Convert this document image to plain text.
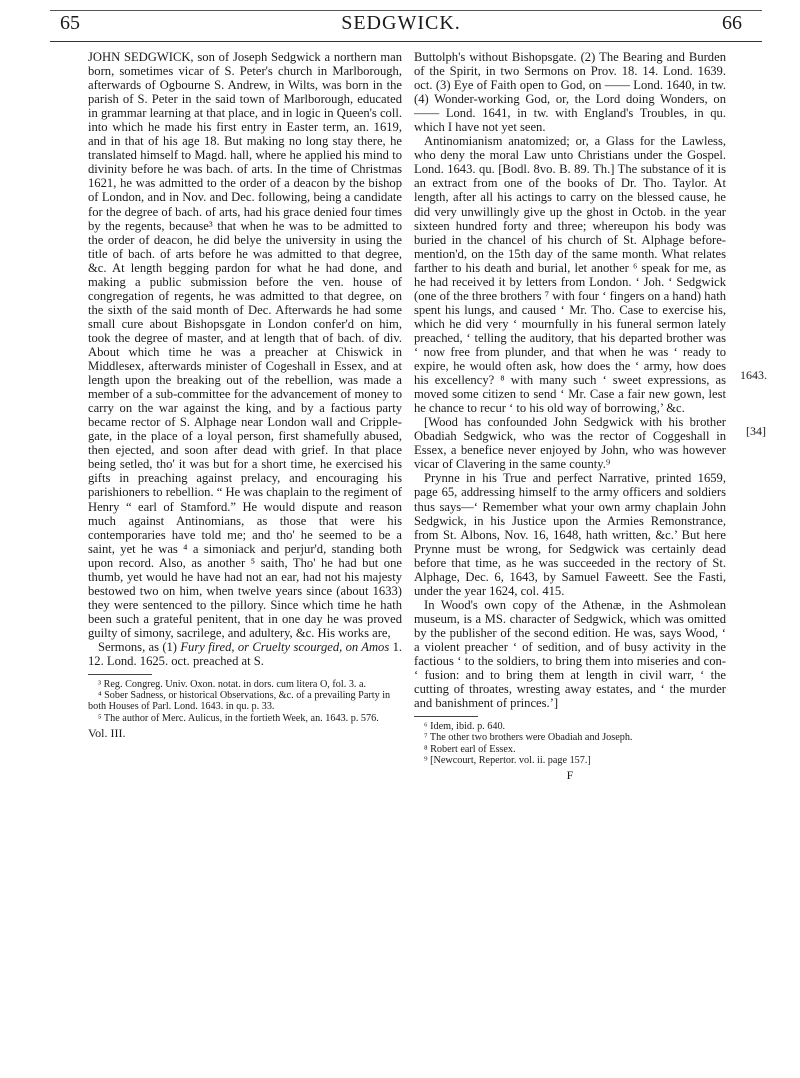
65	SEDGWICK.	66

JOHN SEDGWICK, son of Joseph Sedgwick a northern man born, sometimes vicar of S. Peter's church in Marlborough, afterwards of Ogbourne S. Andrew, in Wilts, was born in the parish of S. Peter in the said town of Marlborough, educated in grammar learning at that place, and in logic in Queen's coll. into which he made his first entry in Easter term, an. 1619, and in that of his age 18. But making no long stay there, he translated himself to Magd. hall, where he applied his mind to divinity before he was bach. of arts. In the time of Christmas 1621, he was admitted to the order of a deacon by the bishop of London, and in Nov. and Dec. following, being a candidate for the degree of bach. of arts, had his grace denied four times by the regents, because³ that when he was to be admitted to the order of deacon, he did belye the university in using the title of bach. of arts before he was admitted to that degree, &c. At length begging pardon for what he had done, and making a public submission before the ven. house of congregation of regents, he was admitted to that degree, on the sixth of the said month of Dec. Afterwards he had some small cure about Bishopsgate in London confer'd on him, took the degree of master, and at length that of bach. of div. About which time he was a preacher at Chiswick in Middlesex, afterwards minister of Cogeshall in Essex, and at length upon the breaking out of the rebellion, was made a member of a sub-committee for the advancement of money to carry on the war against the king, and by a factious party became rector of S. Alphage near London wall and Cripple-gate, in the place of a loyal person, first shamefully abused, then ejected, and soon after dead with grief. In that place being setled, tho' it was but for a short time, he exercised his gifts in preaching against prelacy, and encouraging his parishioners to rebellion. “ He was chaplain to the regiment of Henry “ earl of Stamford.” He would dispute and reason much against Antinomians, as those that were his contemporaries have told me; and tho' he seemed to be a saint, yet he was ⁴ a simoniack and perjur'd, standing both upon record. Also, as another ⁵ saith, Tho' he had but one thumb, yet would he have had not an ear, had not his majesty bestowed two on him, when twelve years since (about 1633) they were sentenced to the pillory. Since which time he hath been such a grateful penitent, that in one day he was proved guilty of simony, sacrilege, and adultery, &c. His works are,

Sermons, as (1) Fury fired, or Cruelty scourged, on Amos 1. 12. Lond. 1625. oct. preached at S.

³ Reg. Congreg. Univ. Oxon. notat. in dors. cum litera O, fol. 3. a.

⁴ Sober Sadness, or historical Observations, &c. of a prevailing Party in both Houses of Parl. Lond. 1643. in qu. p. 33.

⁵ The author of Merc. Aulicus, in the fortieth Week, an. 1643. p. 576.

Vol. III.

Buttolph's without Bishopsgate. (2) The Bearing and Burden of the Spirit, in two Sermons on Prov. 18. 14. Lond. 1639. oct. (3) Eye of Faith open to God, on —— Lond. 1640, in tw. (4) Wonder-working God, or, the Lord doing Wonders, on —— Lond. 1641, in tw. with England's Troubles, in qu. which I have not yet seen.

Antinomianism anatomized; or, a Glass for the Lawless, who deny the moral Law unto Christians under the Gospel. Lond. 1643. qu. [Bodl. 8vo. B. 89. Th.] The substance of it is an extract from one of the books of Dr. Tho. Taylor. At length, after all his actings to carry on the blessed cause, he did very unwillingly give up the ghost in Octob. in the year sixteen hundred forty and three; whereupon his body was buried in the chancel of his church of St. Alphage before-mention'd, on the 15th day of the same month. What relates farther to his death and burial, let another ⁶ speak for me, as he had received it by letters from London. ‘ Joh. ‘ Sedgwick (one of the three brothers ⁷ with four ‘ fingers on a hand) hath spent his lungs, and caused ‘ Mr. Tho. Case to exercise his, which he did very ‘ mournfully in his funeral sermon lately preached, ‘ telling the auditory, that his departed brother was ‘ now free from plunder, and that when he was ‘ ready to expire, he would often ask, how does the ‘ army, how does his excellency? ⁸ with many such ‘ sweet expressions, as moved some citizen to send ‘ Mr. Case a fair new gown, lest he chance to recur ‘ to his old way of borrowing,’ &c.

[Wood has confounded John Sedgwick with his brother Obadiah Sedgwick, who was the rector of Coggeshall in Essex, a benefice never enjoyed by John, who was however vicar of Clavering in the same county.⁹

Prynne in his True and perfect Narrative, printed 1659, page 65, addressing himself to the army officers and soldiers thus says—‘ Remember what your own army chaplain John Sedgwick, in his Justice upon the Armies Remonstrance, from St. Albons, Nov. 16, 1648, hath written, &c.’ But here Prynne must be wrong, for Sedgwick was certainly dead before that time, as he was succeeded in the rectory of St. Alphage, Dec. 6, 1643, by Samuel Faweett. See the Fasti, under the year 1624, col. 415.

In Wood's own copy of the Athenæ, in the Ashmolean museum, is a MS. character of Sedgwick, which was omitted by the publisher of the second edition. He was, says Wood, ‘ a violent preacher ‘ of sedition, and of busy activity in the factious ‘ to the soldiers, to bring them into miseries and con- ‘ fusion: and to bring them at length in civil warr, ‘ the cutting of throates, wresting away estates, and ‘ the murder and banishment of princes.’]

⁶ Idem, ibid. p. 640.

⁷ The other two brothers were Obadiah and Joseph.

⁸ Robert earl of Essex.

⁹ [Newcourt, Repertor. vol. ii. page 157.]

F
1643.
[34]
